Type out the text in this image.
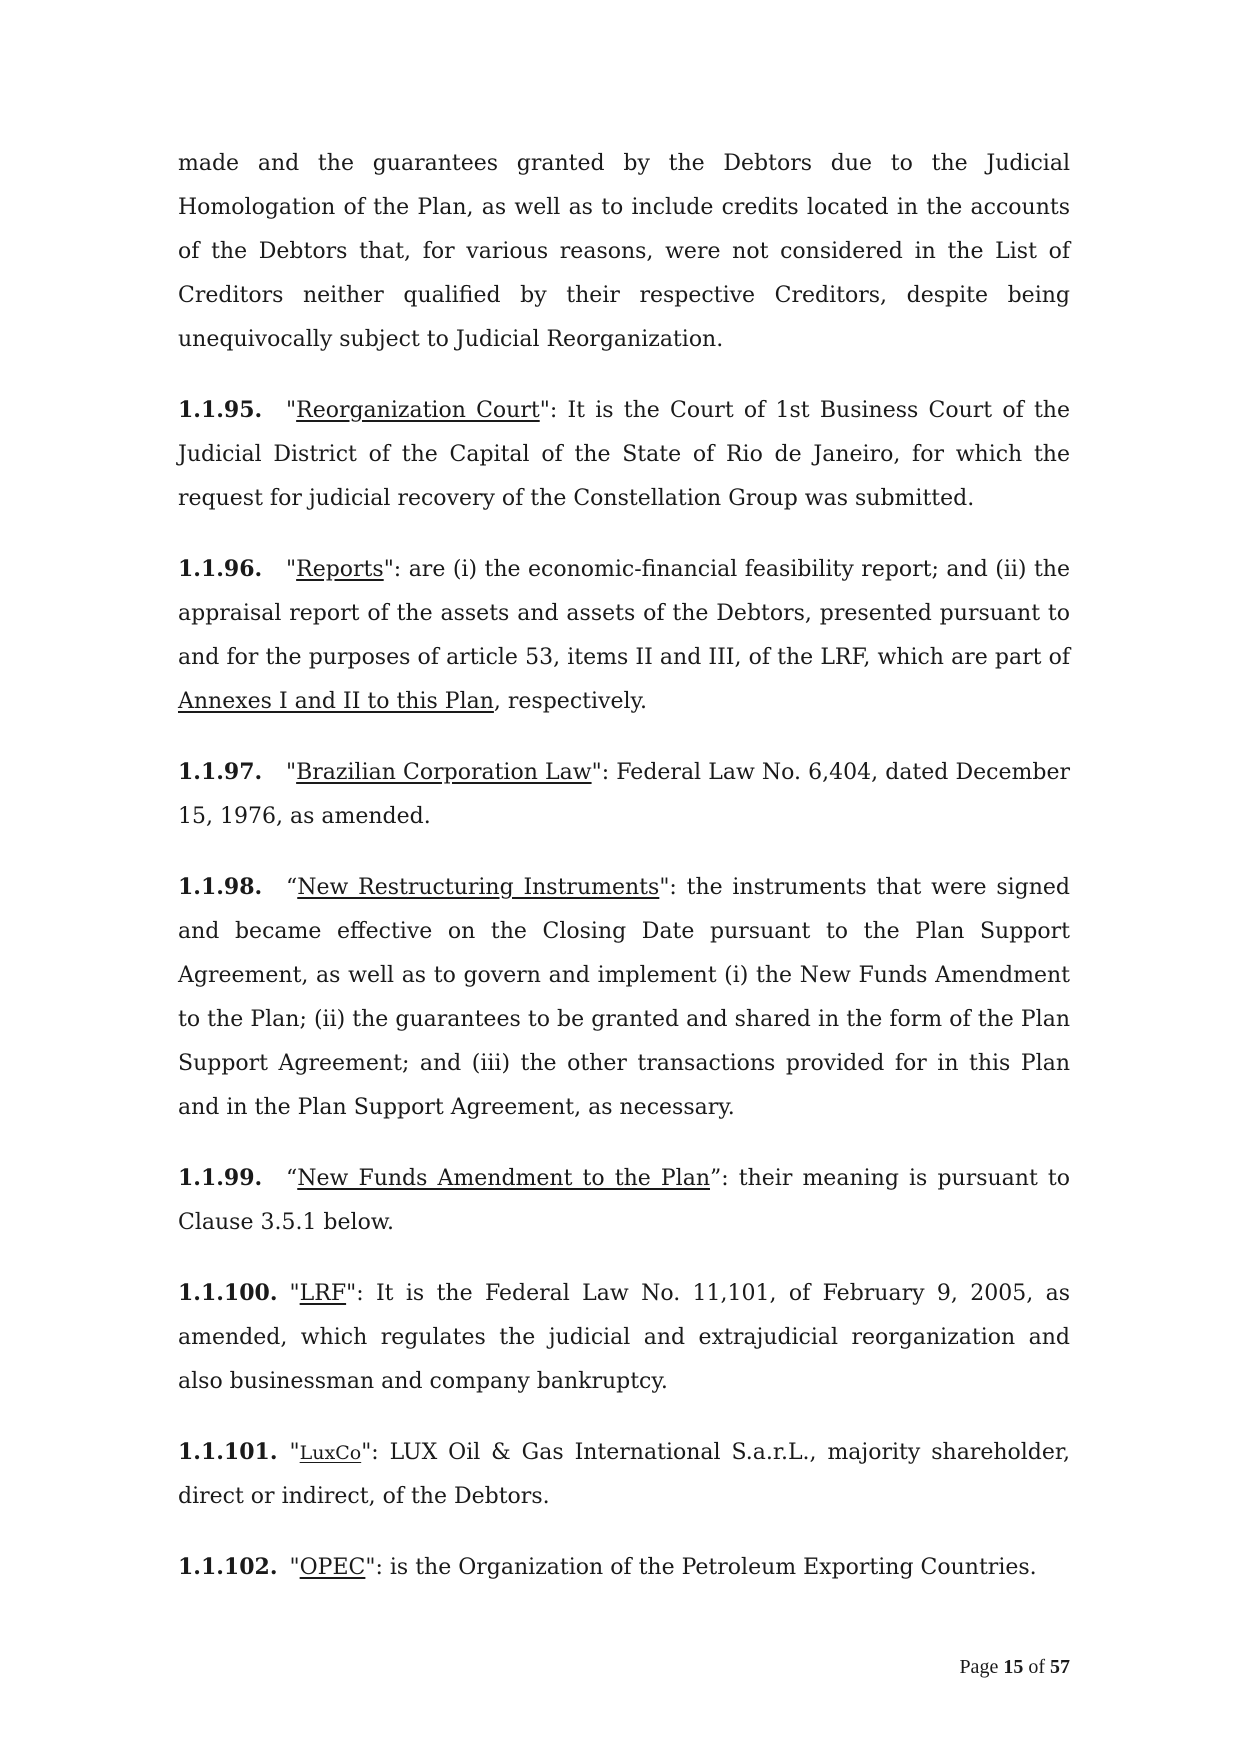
made and the guarantees granted by the Debtors due to the Judicial Homologation of the Plan, as well as to include credits located in the accounts of the Debtors that, for various reasons, were not considered in the List of Creditors neither qualified by their respective Creditors, despite being unequivocally subject to Judicial Reorganization.

1.1.95. "Reorganization Court": It is the Court of 1st Business Court of the Judicial District of the Capital of the State of Rio de Janeiro, for which the request for judicial recovery of the Constellation Group was submitted.

1.1.96. "Reports": are (i) the economic-financial feasibility report; and (ii) the appraisal report of the assets and assets of the Debtors, presented pursuant to and for the purposes of article 53, items II and III, of the LRF, which are part of Annexes I and II to this Plan, respectively.

1.1.97. "Brazilian Corporation Law": Federal Law No. 6,404, dated December 15, 1976, as amended.

1.1.98. “New Restructuring Instruments": the instruments that were signed and became effective on the Closing Date pursuant to the Plan Support Agreement, as well as to govern and implement (i) the New Funds Amendment to the Plan; (ii) the guarantees to be granted and shared in the form of the Plan Support Agreement; and (iii) the other transactions provided for in this Plan and in the Plan Support Agreement, as necessary.

1.1.99. “New Funds Amendment to the Plan”: their meaning is pursuant to Clause 3.5.1 below.

1.1.100. "LRF": It is the Federal Law No. 11,101, of February 9, 2005, as amended, which regulates the judicial and extrajudicial reorganization and also businessman and company bankruptcy.

1.1.101. "LuxCo": LUX Oil & Gas International S.a.r.L., majority shareholder, direct or indirect, of the Debtors.

1.1.102. "OPEC": is the Organization of the Petroleum Exporting Countries.

Page 15 of 57
